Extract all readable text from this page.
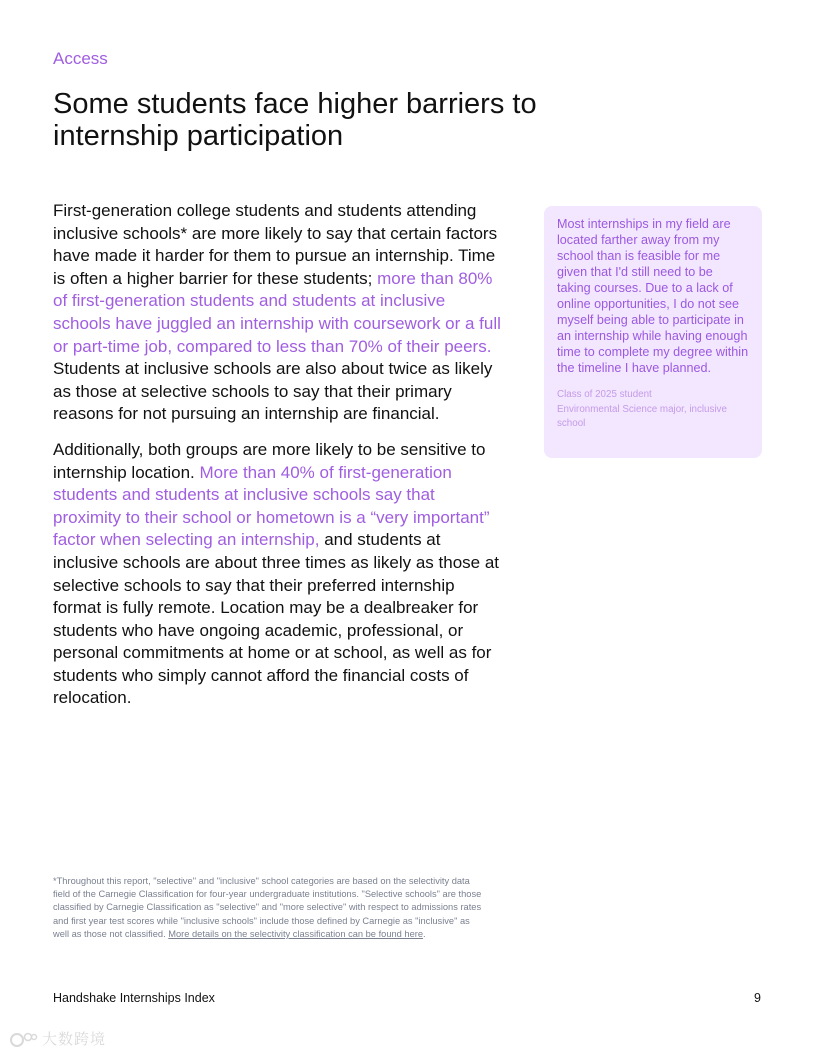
Access
Some students face higher barriers to internship participation

First-generation college students and students attending inclusive schools* are more likely to say that certain factors have made it harder for them to pursue an internship. Time is often a higher barrier for these students; more than 80% of first-generation students and students at inclusive schools have juggled an internship with coursework or a full or part-time job, compared to less than 70% of their peers. Students at inclusive schools are also about twice as likely as those at selective schools to say that their primary reasons for not pursuing an internship are financial.

Additionally, both groups are more likely to be sensitive to internship location. More than 40% of first-generation students and students at inclusive schools say that proximity to their school or hometown is a “very important” factor when selecting an internship, and students at inclusive schools are about three times as likely as those at selective schools to say that their preferred internship format is fully remote. Location may be a dealbreaker for students who have ongoing academic, professional, or personal commitments at home or at school, as well as for students who simply cannot afford the financial costs of relocation.

Most internships in my field are located farther away from my school than is feasible for me given that I'd still need to be taking courses. Due to a lack of online opportunities, I do not see myself being able to participate in an internship while having enough time to complete my degree within the timeline I have planned.

Class of 2025 student
Environmental Science major, inclusive school
*Throughout this report, "selective" and "inclusive" school categories are based on the selectivity data field of the Carnegie Classification for four-year undergraduate institutions. "Selective schools" are those classified by Carnegie Classification as "selective" and "more selective" with respect to admissions rates and first year test scores while "inclusive schools" include those defined by Carnegie as "inclusive" as well as those not classified. More details on the selectivity classification can be found here.
Handshake Internships Index	9
大数跨境
